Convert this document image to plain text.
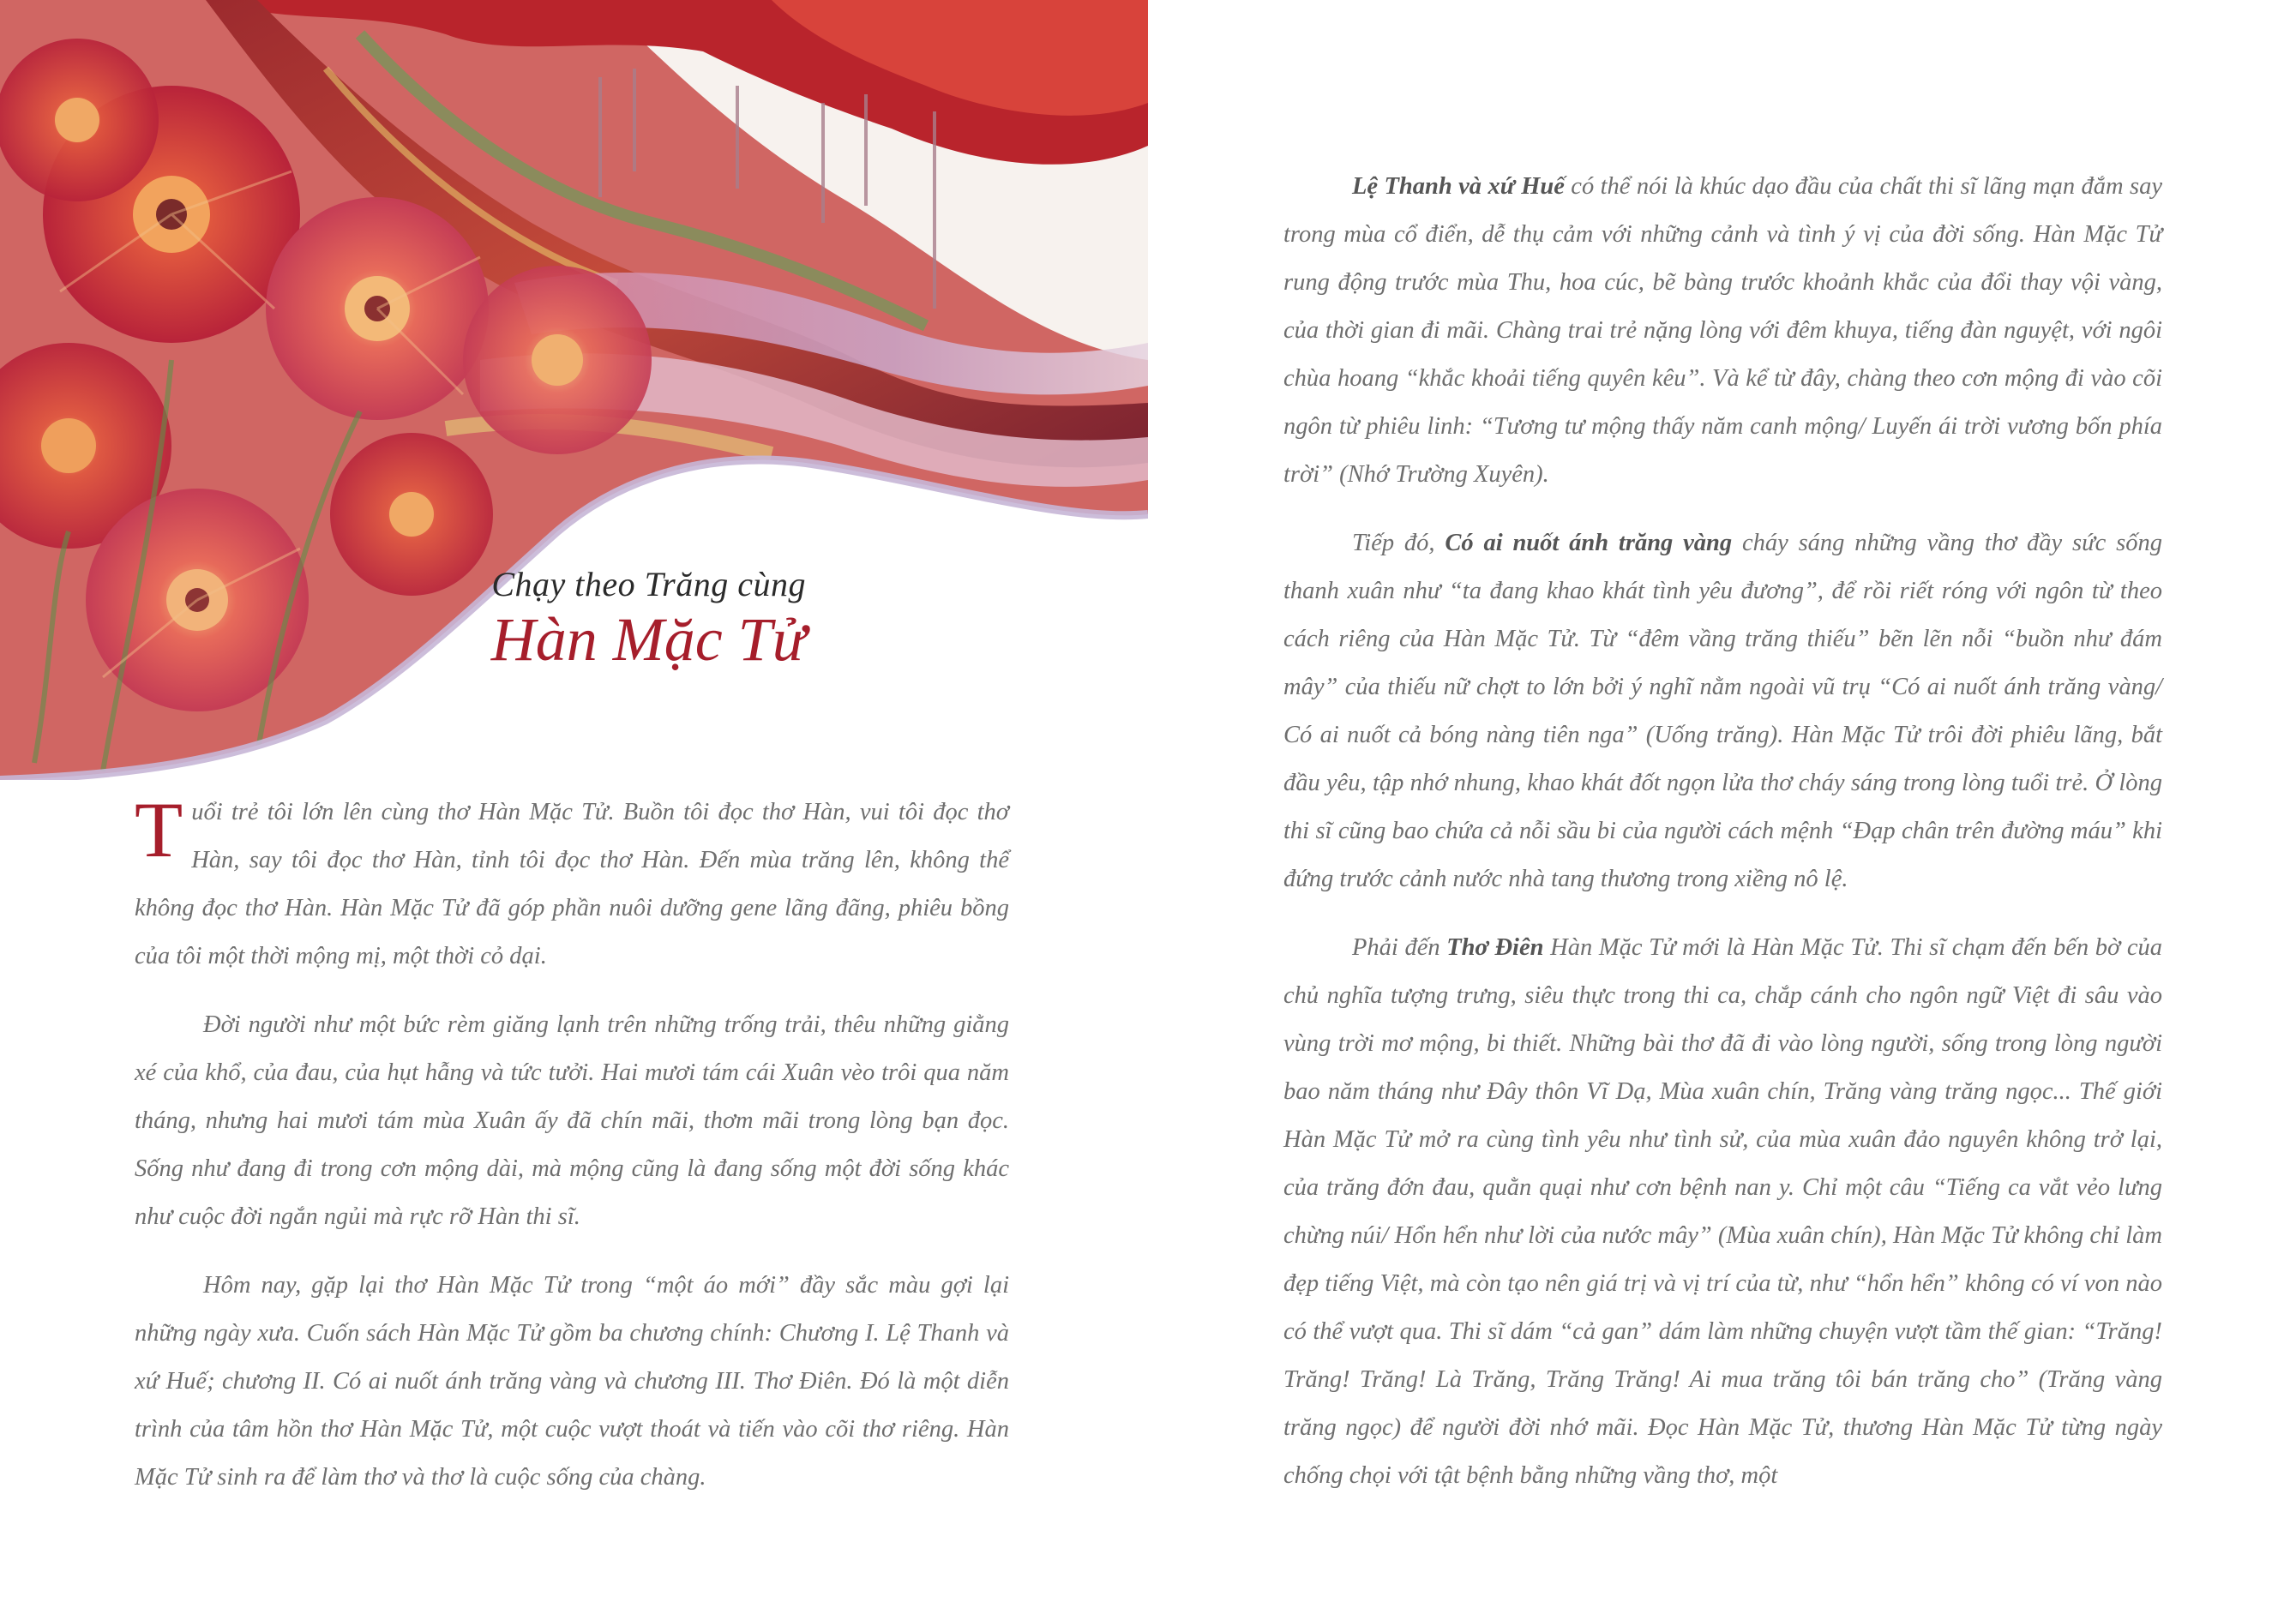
Chạy theo Trăng cùng

Hàn Mặc Tử

Tuổi trẻ tôi lớn lên cùng thơ Hàn Mặc Tử. Buồn tôi đọc thơ Hàn, vui tôi đọc thơ Hàn, say tôi đọc thơ Hàn, tỉnh tôi đọc thơ Hàn. Đến mùa trăng lên, không thể không đọc thơ Hàn. Hàn Mặc Tử đã góp phần nuôi dưỡng gene lãng đãng, phiêu bồng của tôi một thời mộng mị, một thời cỏ dại.

Đời người như một bức rèm giăng lạnh trên những trống trải, thêu những giằng xé của khổ, của đau, của hụt hẫng và tức tưởi. Hai mươi tám cái Xuân vèo trôi qua năm tháng, nhưng hai mươi tám mùa Xuân ấy đã chín mãi, thơm mãi trong lòng bạn đọc. Sống như đang đi trong cơn mộng dài, mà mộng cũng là đang sống một đời sống khác như cuộc đời ngắn ngủi mà rực rỡ Hàn thi sĩ.

Hôm nay, gặp lại thơ Hàn Mặc Tử trong “một áo mới” đầy sắc màu gợi lại những ngày xưa. Cuốn sách Hàn Mặc Tử gồm ba chương chính: Chương I. Lệ Thanh và xứ Huế; chương II. Có ai nuốt ánh trăng vàng và chương III. Thơ Điên. Đó là một diễn trình của tâm hồn thơ Hàn Mặc Tử, một cuộc vượt thoát và tiến vào cõi thơ riêng. Hàn Mặc Tử sinh ra để làm thơ và thơ là cuộc sống của chàng.

Lệ Thanh và xứ Huế có thể nói là khúc dạo đầu của chất thi sĩ lãng mạn đắm say trong mùa cổ điển, dễ thụ cảm với những cảnh và tình ý vị của đời sống. Hàn Mặc Tử rung động trước mùa Thu, hoa cúc, bẽ bàng trước khoảnh khắc của đổi thay vội vàng, của thời gian đi mãi. Chàng trai trẻ nặng lòng với đêm khuya, tiếng đàn nguyệt, với ngôi chùa hoang “khắc khoải tiếng quyên kêu”. Và kể từ đây, chàng theo cơn mộng đi vào cõi ngôn từ phiêu linh: “Tương tư mộng thấy năm canh mộng/ Luyến ái trời vương bốn phía trời” (Nhớ Trường Xuyên).

Tiếp đó, Có ai nuốt ánh trăng vàng cháy sáng những vầng thơ đầy sức sống thanh xuân như “ta đang khao khát tình yêu đương”, để rồi riết róng với ngôn từ theo cách riêng của Hàn Mặc Tử. Từ “đêm vầng trăng thiếu” bẽn lẽn nỗi “buồn như đám mây” của thiếu nữ chợt to lớn bởi ý nghĩ nằm ngoài vũ trụ “Có ai nuốt ánh trăng vàng/ Có ai nuốt cả bóng nàng tiên nga” (Uống trăng). Hàn Mặc Tử trôi đời phiêu lãng, bắt đầu yêu, tập nhớ nhung, khao khát đốt ngọn lửa thơ cháy sáng trong lòng tuổi trẻ. Ở lòng thi sĩ cũng bao chứa cả nỗi sầu bi của người cách mệnh “Đạp chân trên đường máu” khi đứng trước cảnh nước nhà tang thương trong xiềng nô lệ.

Phải đến Thơ Điên Hàn Mặc Tử mới là Hàn Mặc Tử. Thi sĩ chạm đến bến bờ của chủ nghĩa tượng trưng, siêu thực trong thi ca, chắp cánh cho ngôn ngữ Việt đi sâu vào vùng trời mơ mộng, bi thiết. Những bài thơ đã đi vào lòng người, sống trong lòng người bao năm tháng như Đây thôn Vĩ Dạ, Mùa xuân chín, Trăng vàng trăng ngọc... Thế giới Hàn Mặc Tử mở ra cùng tình yêu như tình sử, của mùa xuân đảo nguyên không trở lại, của trăng đớn đau, quằn quại như cơn bệnh nan y. Chỉ một câu “Tiếng ca vắt vẻo lưng chừng núi/ Hổn hển như lời của nước mây” (Mùa xuân chín), Hàn Mặc Tử không chỉ làm đẹp tiếng Việt, mà còn tạo nên giá trị và vị trí của từ, như “hổn hển” không có ví von nào có thể vượt qua. Thi sĩ dám “cả gan” dám làm những chuyện vượt tầm thế gian: “Trăng! Trăng! Trăng! Là Trăng, Trăng Trăng! Ai mua trăng tôi bán trăng cho” (Trăng vàng trăng ngọc) để người đời nhớ mãi. Đọc Hàn Mặc Tử, thương Hàn Mặc Tử từng ngày chống chọi với tật bệnh bằng những vầng thơ, một
